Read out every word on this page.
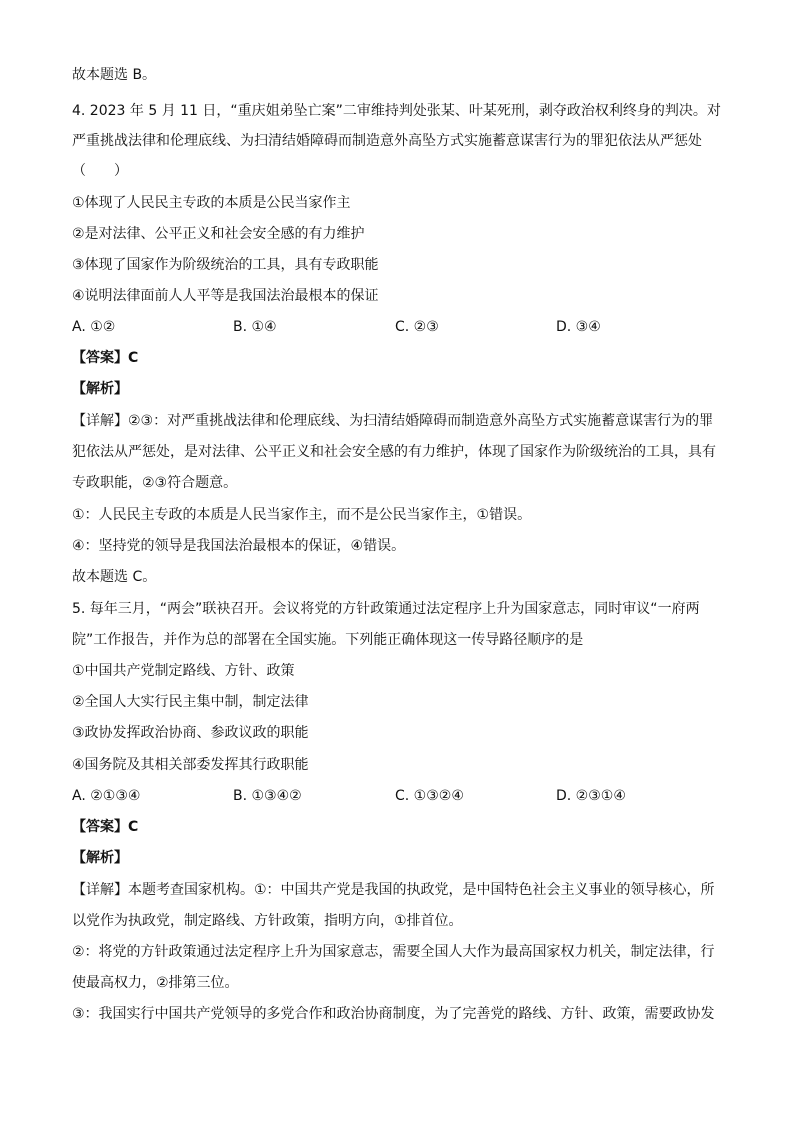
故本题选 B。
4. 2023 年 5 月 11 日，“重庆姐弟坠亡案”二审维持判处张某、叶某死刑，剥夺政治权利终身的判决。对
严重挑战法律和伦理底线、为扫清结婚障碍而制造意外高坠方式实施蓄意谋害行为的罪犯依法从严惩处
（　　）
①体现了人民民主专政的本质是公民当家作主
②是对法律、公平正义和社会安全感的有力维护
③体现了国家作为阶级统治的工具，具有专政职能
④说明法律面前人人平等是我国法治最根本的保证
A. ①②	B. ①④	C. ②③	D. ③④
【答案】C
【解析】
【详解】②③：对严重挑战法律和伦理底线、为扫清结婚障碍而制造意外高坠方式实施蓄意谋害行为的罪
犯依法从严惩处，是对法律、公平正义和社会安全感的有力维护，体现了国家作为阶级统治的工具，具有
专政职能，②③符合题意。
①：人民民主专政的本质是人民当家作主，而不是公民当家作主，①错误。
④：坚持党的领导是我国法治最根本的保证，④错误。
故本题选 C。
5. 每年三月，“两会”联袂召开。会议将党的方针政策通过法定程序上升为国家意志，同时审议“一府两
院”工作报告，并作为总的部署在全国实施。下列能正确体现这一传导路径顺序的是
①中国共产党制定路线、方针、政策
②全国人大实行民主集中制，制定法律
③政协发挥政治协商、参政议政的职能
④国务院及其相关部委发挥其行政职能
A. ②①③④	B. ①③④②	C. ①③②④	D. ②③①④
【答案】C
【解析】
【详解】本题考查国家机构。①：中国共产党是我国的执政党，是中国特色社会主义事业的领导核心，所
以党作为执政党，制定路线、方针政策，指明方向，①排首位。
②：将党的方针政策通过法定程序上升为国家意志，需要全国人大作为最高国家权力机关，制定法律，行
使最高权力，②排第三位。
③：我国实行中国共产党领导的多党合作和政治协商制度，为了完善党的路线、方针、政策，需要政协发
